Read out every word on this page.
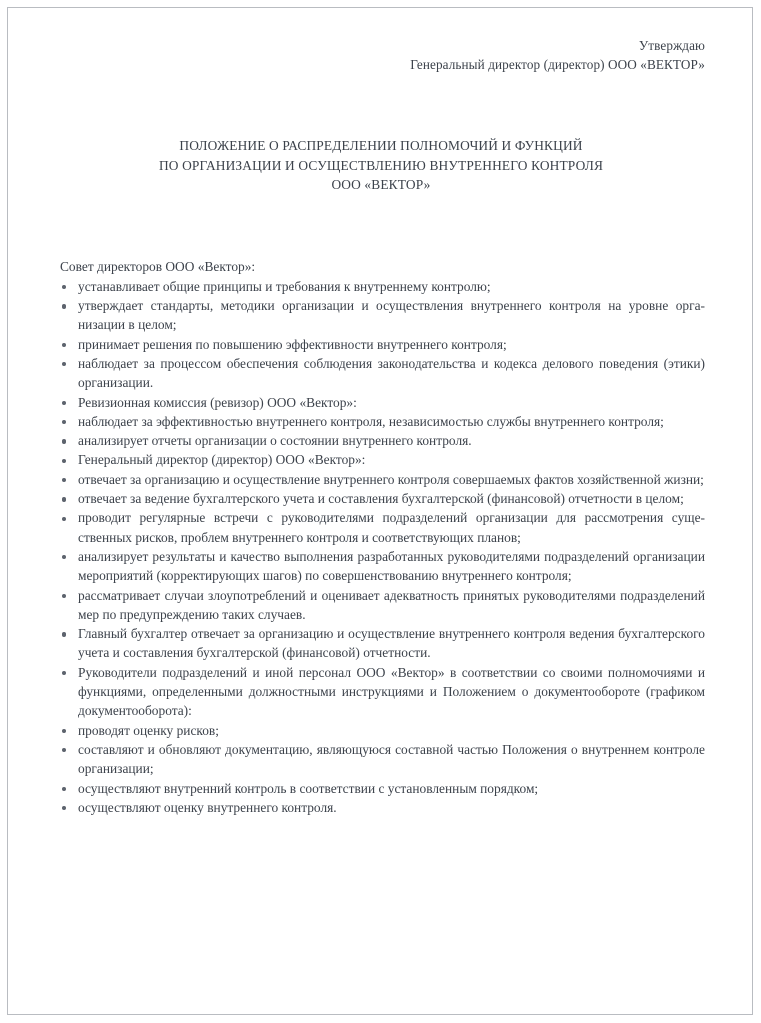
Утверждаю
Генеральный директор (директор) ООО «ВЕКТОР»
ПОЛОЖЕНИЕ О РАСПРЕДЕЛЕНИИ ПОЛНОМОЧИЙ И ФУНКЦИЙ
ПО ОРГАНИЗАЦИИ И ОСУЩЕСТВЛЕНИЮ ВНУТРЕННЕГО КОНТРОЛЯ
ООО «ВЕКТОР»

Совет директоров ООО «Вектор»:

устанавливает общие принципы и требования к внутреннему контролю;
утверждает стандарты, методики организации и осуществления внутреннего контроля на уровне организации в целом;
принимает решения по повышению эффективности внутреннего контроля;
наблюдает за процессом обеспечения соблюдения законодательства и кодекса делового поведения (этики) организации.
Ревизионная комиссия (ревизор) ООО «Вектор»:
наблюдает за эффективностью внутреннего контроля, независимостью службы внутреннего контроля;
анализирует отчеты организации о состоянии внутреннего контроля.
Генеральный директор (директор) ООО «Вектор»:
отвечает за организацию и осуществление внутреннего контроля совершаемых фактов хозяйственной жизни;
отвечает за ведение бухгалтерского учета и составления бухгалтерской (финансовой) отчетности в целом;
проводит регулярные встречи с руководителями подразделений организации для рассмотрения существенных рисков, проблем внутреннего контроля и соответствующих планов;
анализирует результаты и качество выполнения разработанных руководителями подразделений организации мероприятий (корректирующих шагов) по совершенствованию внутреннего контроля;
рассматривает случаи злоупотреблений и оценивает адекватность принятых руководителями подразделений мер по предупреждению таких случаев.
Главный бухгалтер отвечает за организацию и осуществление внутреннего контроля ведения бухгалтерского учета и составления бухгалтерской (финансовой) отчетности.
Руководители подразделений и иной персонал ООО «Вектор» в соответствии со своими полномочиями и функциями, определенными должностными инструкциями и Положением о документообороте (графиком документооборота):
проводят оценку рисков;
составляют и обновляют документацию, являющуюся составной частью Положения о внутреннем контроле организации;
осуществляют внутренний контроль в соответствии с установленным порядком;
осуществляют оценку внутреннего контроля.
